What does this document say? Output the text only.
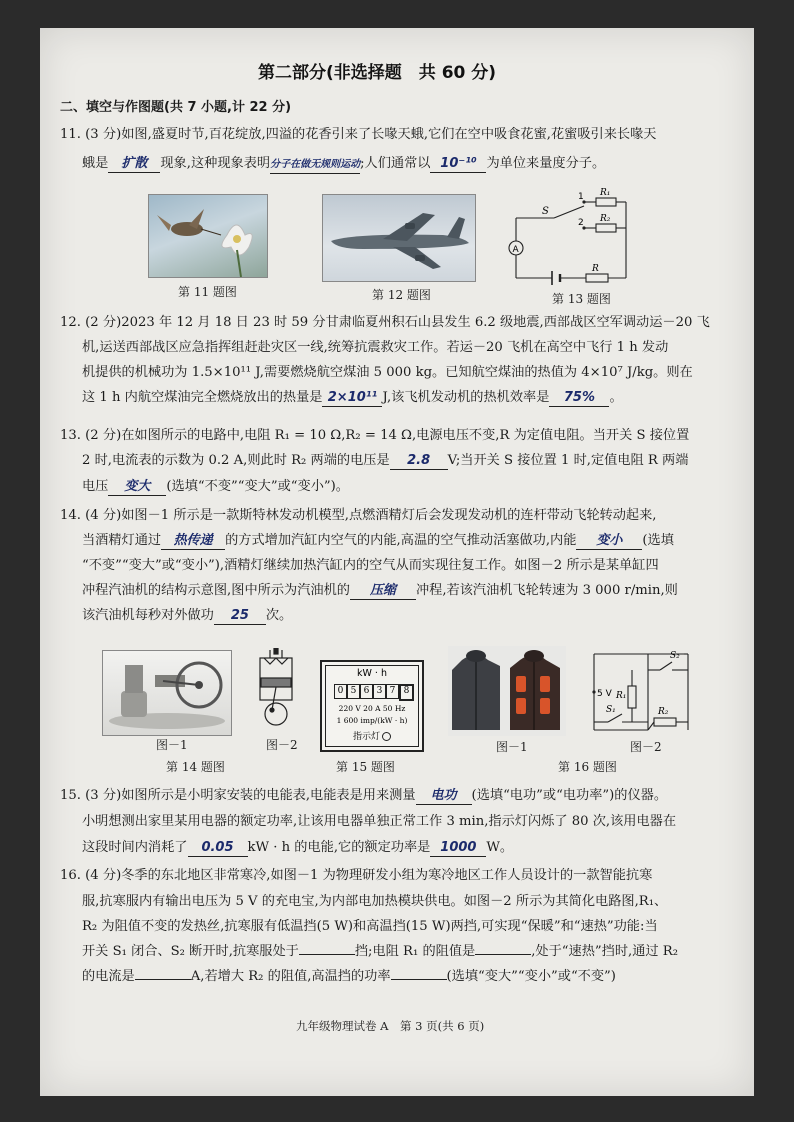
第二部分(非选择题　共 60 分)
二、填空与作图题(共 7 小题,计 22 分)
11. (3 分)如图,盛夏时节,百花绽放,四溢的花香引来了长喙天蛾,它们在空中吸食花蜜,花蜜吸引来长喙天
蛾是 扩散 现象,这种现象表明分子在做无规则运动;人们通常以 10⁻¹⁰ 为单位来量度分子。
第 11 题图	第 12 题图
A
S
1
2
R₁
R₂
R
第 13 题图
12. (2 分)2023 年 12 月 18 日 23 时 59 分甘肃临夏州积石山县发生 6.2 级地震,西部战区空军调动运－20 飞
机,运送西部战区应急指挥组赶赴灾区一线,统筹抗震救灾工作。若运－20 飞机在高空中飞行 1 h 发动
机提供的机械功为 1.5×10¹¹ J,需要燃烧航空煤油 5 000 kg。已知航空煤油的热值为 4×10⁷ J/kg。则在
这 1 h 内航空煤油完全燃烧放出的热量是 2×10¹¹ J,该飞机发动机的热机效率是 75% 。
13. (2 分)在如图所示的电路中,电阻 R₁ = 10 Ω,R₂ = 14 Ω,电源电压不变,R 为定值电阻。当开关 S 接位置
2 时,电流表的示数为 0.2 A,则此时 R₂ 两端的电压是 2.8 V;当开关 S 接位置 1 时,定值电阻 R 两端
电压 变大 (选填“不变”“变大”或“变小”)。
14. (4 分)如图－1 所示是一款斯特林发动机模型,点燃酒精灯后会发现发动机的连杆带动飞轮转动起来,
当酒精灯通过 热传递 的方式增加汽缸内空气的内能,高温的空气推动活塞做功,内能 变小 (选填
“不变”“变大”或“变小”),酒精灯继续加热汽缸内的空气从而实现往复工作。如图－2 所示是某单缸四
冲程汽油机的结构示意图,图中所示为汽油机的 压缩 冲程,若该汽油机飞轮转速为 3 000 r/min,则
该汽油机每秒对外做功 25 次。
图－1	图－2
第 14 题图
kW · h
0 5 6 3 7 8
220 V 20 A 50 Hz
1 600 imp/(kW · h)
指示灯
第 15 题图
图－1
S₂
R₁
5 V
S₁	R₂
图－2
第 16 题图
15. (3 分)如图所示是小明家安装的电能表,电能表是用来测量 电功 (选填“电功”或“电功率”)的仪器。
小明想测出家里某用电器的额定功率,让该用电器单独正常工作 3 min,指示灯闪烁了 80 次,该用电器在
这段时间内消耗了 0.05 kW · h 的电能,它的额定功率是 1000 W。
16. (4 分)冬季的东北地区非常寒冷,如图－1 为物理研发小组为寒冷地区工作人员设计的一款智能抗寒
服,抗寒服内有输出电压为 5 V 的充电宝,为内部电加热模块供电。如图－2 所示为其简化电路图,R₁、
R₂ 为阻值不变的发热丝,抗寒服有低温挡(5 W)和高温挡(15 W)两挡,可实现“保暖”和“速热”功能:当
开关 S₁ 闭合、S₂ 断开时,抗寒服处于	挡;电阻 R₁ 的阻值是	,处于“速热”挡时,通过 R₂
的电流是	A,若增大 R₂ 的阻值,高温挡的功率	(选填“变大”“变小”或“不变”)
九年级物理试卷 A　第 3 页(共 6 页)
